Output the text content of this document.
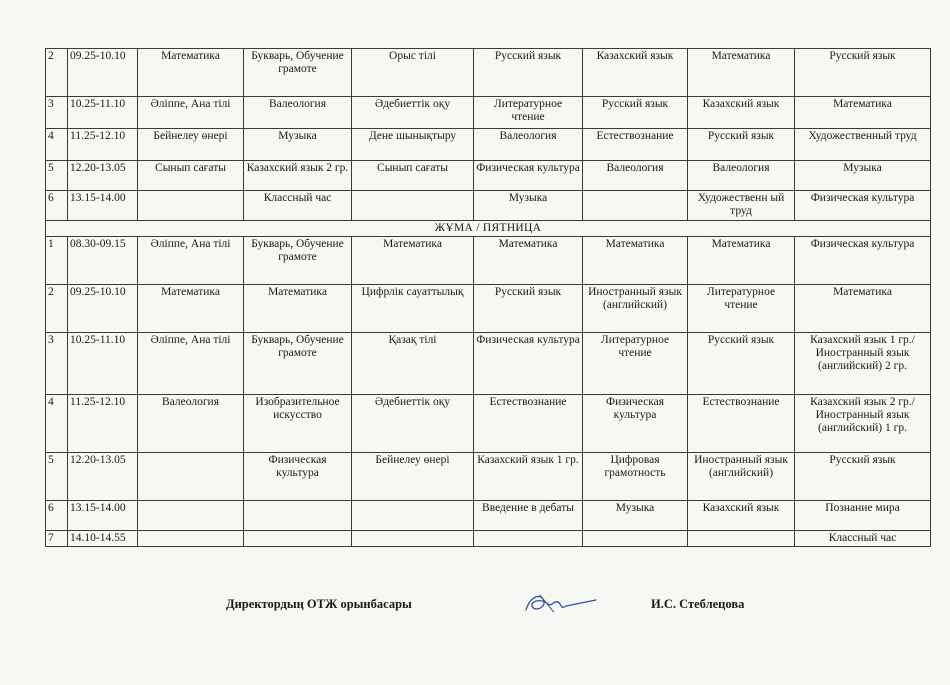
2	09.25-10.10	Математика	Букварь, Обучение грамоте	Орыс тілі	Русский язык	Казахский язык	Математика	Русский язык
3	10.25-11.10	Әліппе, Ана тілі	Валеология	Әдебиеттік оқу	Литературное чтение	Русский язык	Казахский язык	Математика
4	11.25-12.10	Бейнелеу өнері	Музыка	Дене шынықтыру	Валеология	Естествознание	Русский язык	Художественный труд
5	12.20-13.05	Сынып сағаты	Казахский язык 2 гр.	Сынып сағаты	Физическая культура	Валеология	Валеология	Музыка
6	13.15-14.00		Классный час		Музыка		Художественн ый труд	Физическая культура
ЖҰМА / ПЯТНИЦА								
1	08.30-09.15	Әліппе, Ана тілі	Букварь, Обучение грамоте	Математика	Математика	Математика	Математика	Физическая культура
2	09.25-10.10	Математика	Математика	Цифрлік сауаттылық	Русский язык	Иностранный язык (английский)	Литературное чтение	Математика
3	10.25-11.10	Әліппе, Ана тілі	Букварь, Обучение грамоте	Қазақ тілі	Физическая культура	Литературное чтение	Русский язык	Казахский язык 1 гр./ Иностранный язык (английский) 2 гр.
4	11.25-12.10	Валеология	Изобразительное искусство	Әдебиеттік оқу	Естествознание	Физическая культура	Естествознание	Казахский язык 2 гр./ Иностранный язык (английский) 1 гр.
5	12.20-13.05		Физическая культура	Бейнелеу өнері	Казахский язык 1 гр.	Цифровая грамотность	Иностранный язык (английский)	Русский язык
6	13.15-14.00				Введение в дебаты	Музыка	Казахский язык	Познание мира
7	14.10-14.55							Классный час
Директордың ОТЖ орынбасары	И.С. Стеблецова
